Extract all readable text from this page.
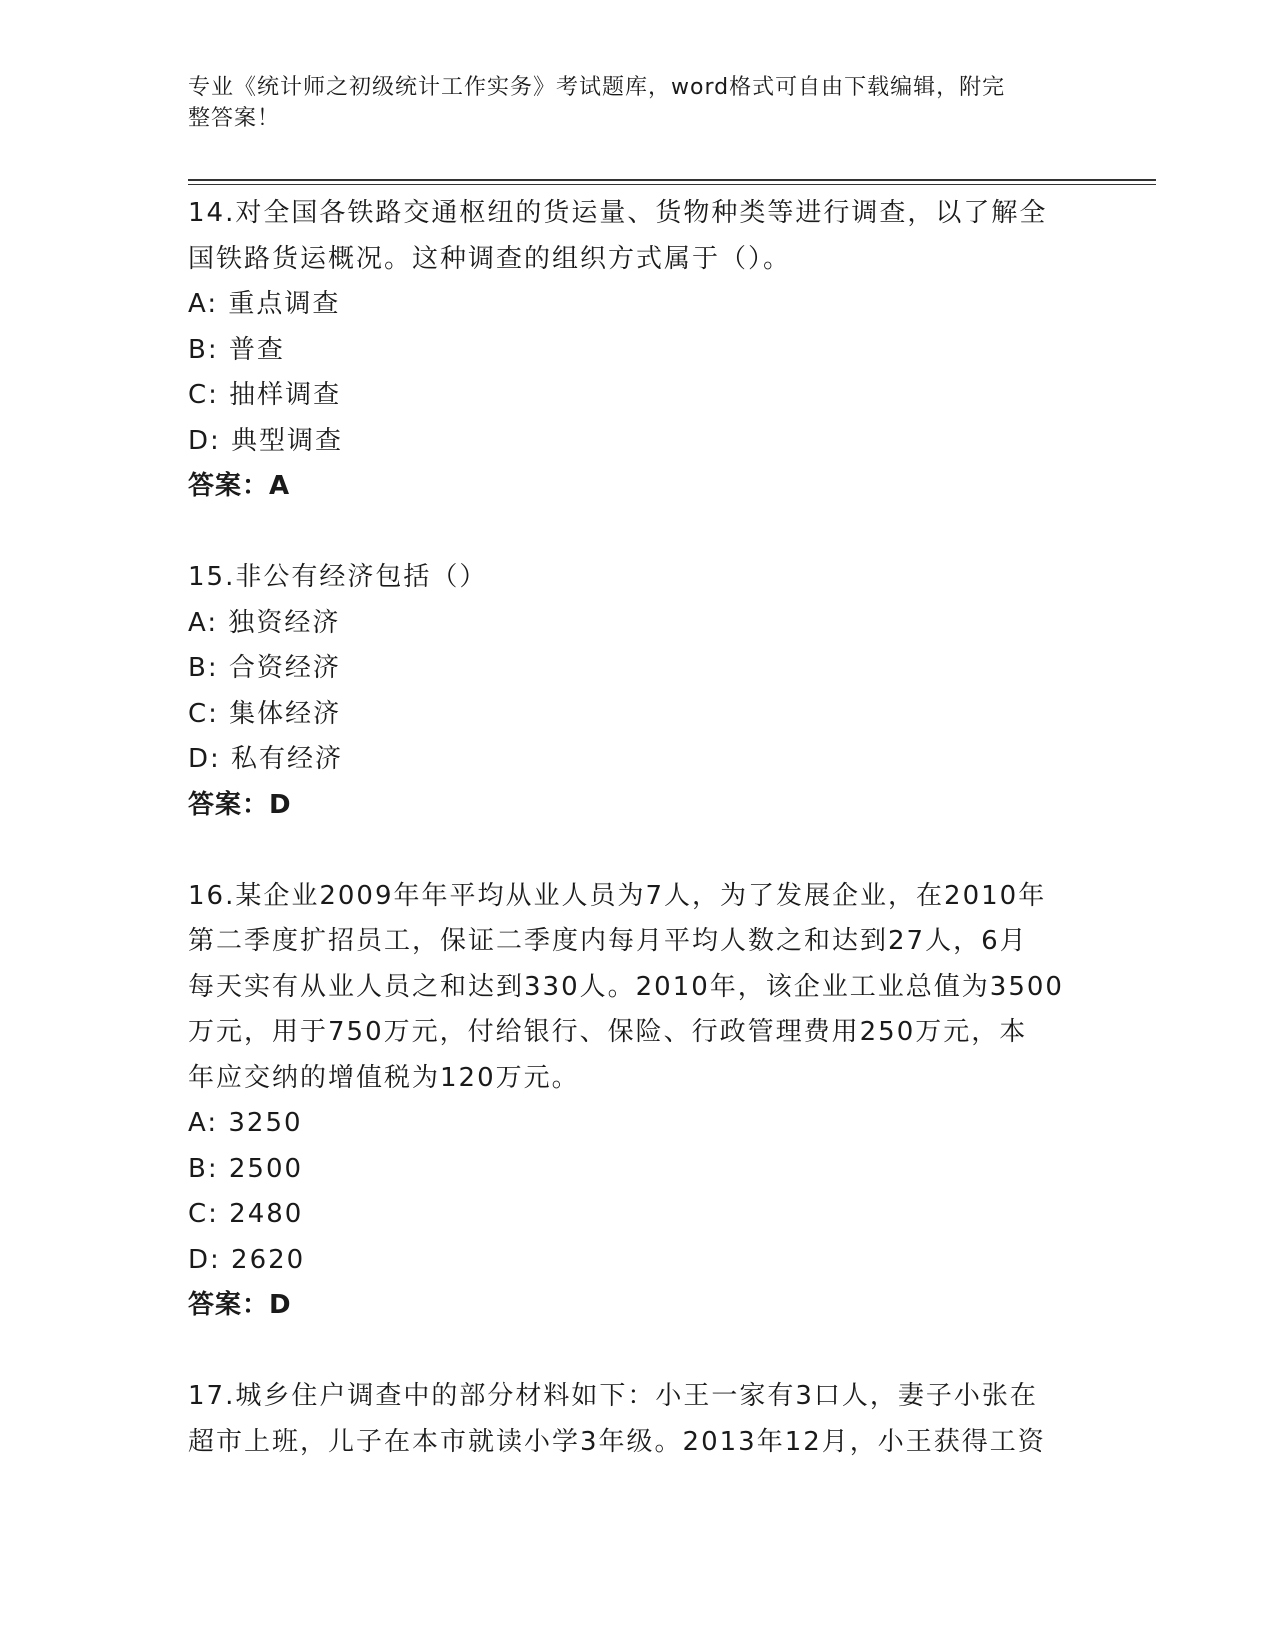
专业《统计师之初级统计工作实务》考试题库，word格式可自由下载编辑，附完
整答案！

14.对全国各铁路交通枢纽的货运量、货物种类等进行调查，以了解全

国铁路货运概况。这种调查的组织方式属于（）。

A: 重点调查

B: 普查

C: 抽样调查

D: 典型调查

答案：A

15.非公有经济包括（）

A: 独资经济

B: 合资经济

C: 集体经济

D: 私有经济

答案：D

16.某企业2009年年平均从业人员为7人，为了发展企业，在2010年

第二季度扩招员工，保证二季度内每月平均人数之和达到27人，6月

每天实有从业人员之和达到330人。2010年，该企业工业总值为3500

万元，用于750万元，付给银行、保险、行政管理费用250万元，本

年应交纳的增值税为120万元。

A: 3250

B: 2500

C: 2480

D: 2620

答案：D

17.城乡住户调查中的部分材料如下：小王一家有3口人，妻子小张在

超市上班，儿子在本市就读小学3年级。2013年12月，小王获得工资
